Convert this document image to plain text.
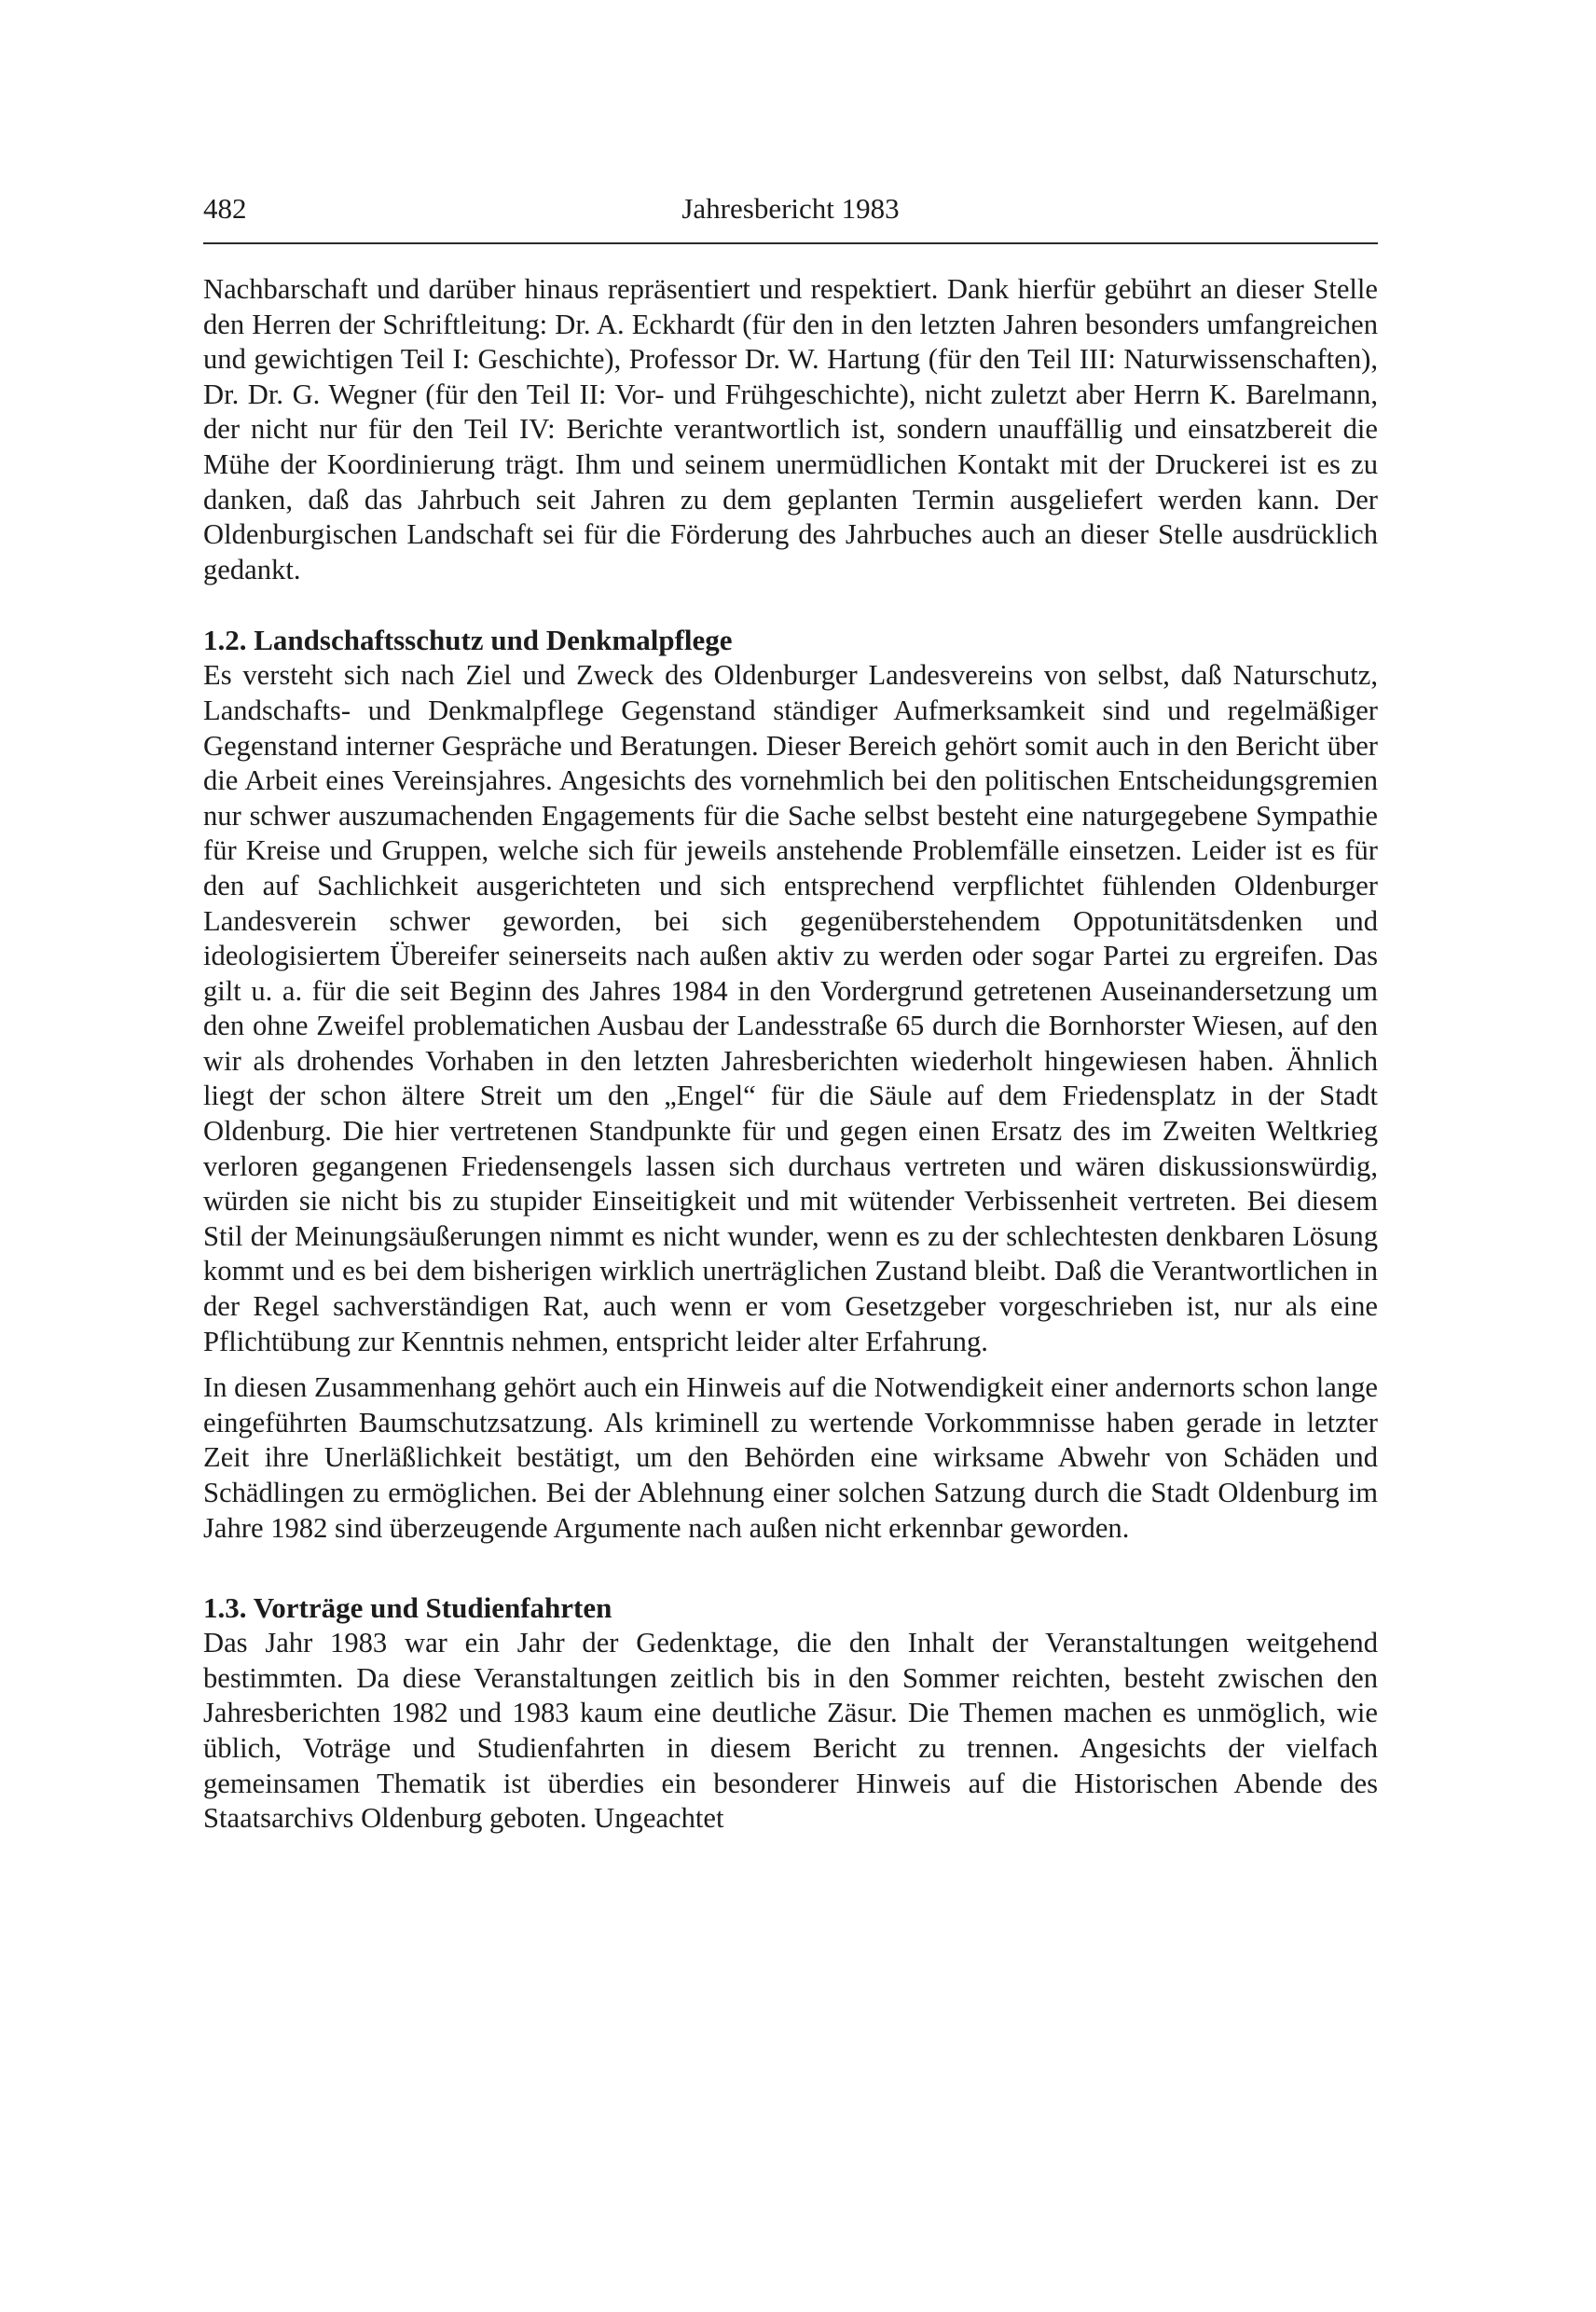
482	Jahresbericht 1983

Nachbarschaft und darüber hinaus repräsentiert und respektiert. Dank hierfür gebührt an dieser Stelle den Herren der Schriftleitung: Dr. A. Eckhardt (für den in den letzten Jahren besonders umfangreichen und gewichtigen Teil I: Geschichte), Professor Dr. W. Hartung (für den Teil III: Naturwissenschaften), Dr. Dr. G. Wegner (für den Teil II: Vor- und Frühgeschichte), nicht zuletzt aber Herrn K. Barelmann, der nicht nur für den Teil IV: Berichte verantwortlich ist, sondern unauffällig und einsatzbereit die Mühe der Koordinierung trägt. Ihm und seinem unermüdlichen Kontakt mit der Druckerei ist es zu danken, daß das Jahrbuch seit Jahren zu dem geplanten Termin ausgeliefert werden kann. Der Oldenburgischen Landschaft sei für die Förderung des Jahrbuches auch an dieser Stelle ausdrücklich gedankt.

1.2. Landschaftsschutz und Denkmalpflege

Es versteht sich nach Ziel und Zweck des Oldenburger Landesvereins von selbst, daß Naturschutz, Landschafts- und Denkmalpflege Gegenstand ständiger Aufmerksamkeit sind und regelmäßiger Gegenstand interner Gespräche und Beratungen. Dieser Bereich gehört somit auch in den Bericht über die Arbeit eines Vereinsjahres. Angesichts des vornehmlich bei den politischen Entscheidungsgremien nur schwer auszumachenden Engagements für die Sache selbst besteht eine naturgegebene Sympathie für Kreise und Gruppen, welche sich für jeweils anstehende Problemfälle einsetzen. Leider ist es für den auf Sachlichkeit ausgerichteten und sich entsprechend verpflichtet fühlenden Oldenburger Landesverein schwer geworden, bei sich gegenüberstehendem Oppotunitätsdenken und ideologisiertem Übereifer seinerseits nach außen aktiv zu werden oder sogar Partei zu ergreifen. Das gilt u. a. für die seit Beginn des Jahres 1984 in den Vordergrund getretenen Auseinandersetzung um den ohne Zweifel problematichen Ausbau der Landesstraße 65 durch die Bornhorster Wiesen, auf den wir als drohendes Vorhaben in den letzten Jahresberichten wiederholt hingewiesen haben. Ähnlich liegt der schon ältere Streit um den „Engel“ für die Säule auf dem Friedensplatz in der Stadt Oldenburg. Die hier vertretenen Standpunkte für und gegen einen Ersatz des im Zweiten Weltkrieg verloren gegangenen Friedensengels lassen sich durchaus vertreten und wären diskussionswürdig, würden sie nicht bis zu stupider Einseitigkeit und mit wütender Verbissenheit vertreten. Bei diesem Stil der Meinungsäußerungen nimmt es nicht wunder, wenn es zu der schlechtesten denkbaren Lösung kommt und es bei dem bisherigen wirklich unerträglichen Zustand bleibt. Daß die Verantwortlichen in der Regel sachverständigen Rat, auch wenn er vom Gesetzgeber vorgeschrieben ist, nur als eine Pflichtübung zur Kenntnis nehmen, entspricht leider alter Erfahrung.

In diesen Zusammenhang gehört auch ein Hinweis auf die Notwendigkeit einer andernorts schon lange eingeführten Baumschutzsatzung. Als kriminell zu wertende Vorkommnisse haben gerade in letzter Zeit ihre Unerläßlichkeit bestätigt, um den Behörden eine wirksame Abwehr von Schäden und Schädlingen zu ermöglichen. Bei der Ablehnung einer solchen Satzung durch die Stadt Oldenburg im Jahre 1982 sind überzeugende Argumente nach außen nicht erkennbar geworden.

1.3. Vorträge und Studienfahrten

Das Jahr 1983 war ein Jahr der Gedenktage, die den Inhalt der Veranstaltungen weitgehend bestimmten. Da diese Veranstaltungen zeitlich bis in den Sommer reichten, besteht zwischen den Jahresberichten 1982 und 1983 kaum eine deutliche Zäsur. Die Themen machen es unmöglich, wie üblich, Voträge und Studienfahrten in diesem Bericht zu trennen. Angesichts der vielfach gemeinsamen Thematik ist überdies ein besonderer Hinweis auf die Historischen Abende des Staatsarchivs Oldenburg geboten. Ungeachtet
